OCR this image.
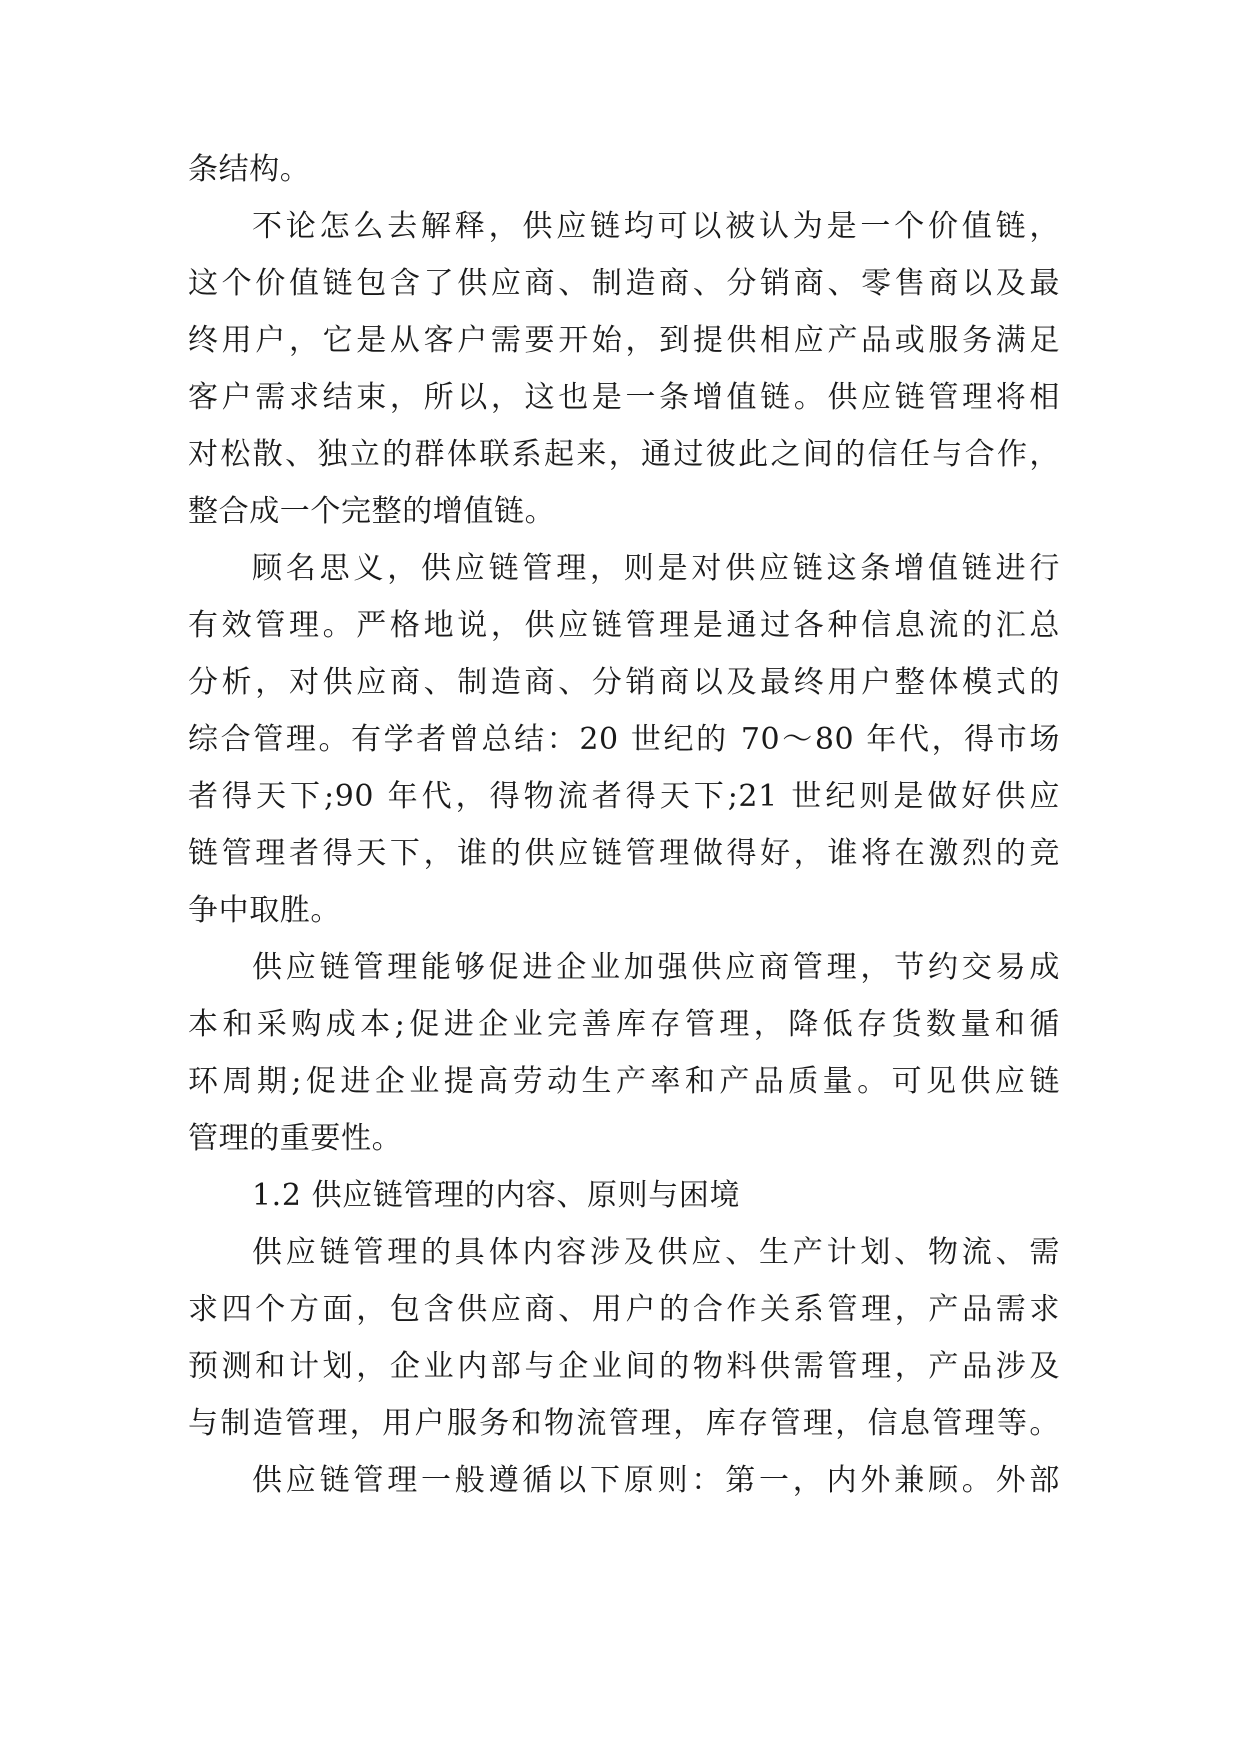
条结构。
不论怎么去解释，供应链均可以被认为是一个价值链，
这个价值链包含了供应商、制造商、分销商、零售商以及最
终用户，它是从客户需要开始，到提供相应产品或服务满足
客户需求结束，所以，这也是一条增值链。供应链管理将相
对松散、独立的群体联系起来，通过彼此之间的信任与合作，
整合成一个完整的增值链。
顾名思义，供应链管理，则是对供应链这条增值链进行
有效管理。严格地说，供应链管理是通过各种信息流的汇总
分析，对供应商、制造商、分销商以及最终用户整体模式的
综合管理。有学者曾总结：20 世纪的 70～80 年代，得市场
者得天下;90 年代，得物流者得天下;21 世纪则是做好供应
链管理者得天下，谁的供应链管理做得好，谁将在激烈的竞
争中取胜。
供应链管理能够促进企业加强供应商管理，节约交易成
本和采购成本;促进企业完善库存管理，降低存货数量和循
环周期;促进企业提高劳动生产率和产品质量。可见供应链
管理的重要性。
1.2 供应链管理的内容、原则与困境
供应链管理的具体内容涉及供应、生产计划、物流、需
求四个方面，包含供应商、用户的合作关系管理，产品需求
预测和计划，企业内部与企业间的物料供需管理，产品涉及
与制造管理，用户服务和物流管理，库存管理，信息管理等。
供应链管理一般遵循以下原则：第一，内外兼顾。外部
